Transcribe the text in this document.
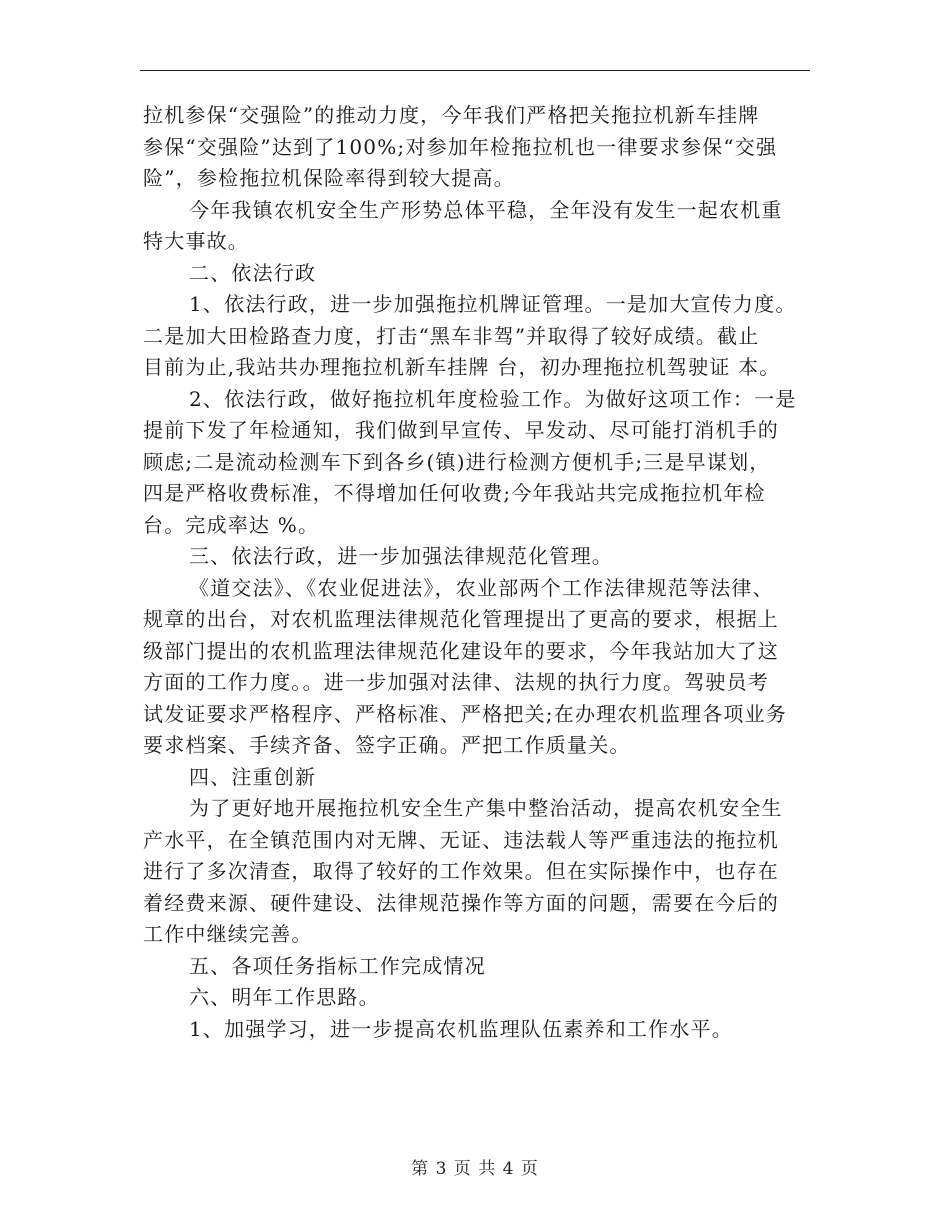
拉机参保“交强险”的推动力度，今年我们严格把关拖拉机新车挂牌
参保“交强险”达到了100%;对参加年检拖拉机也一律要求参保“交强
险”，参检拖拉机保险率得到较大提高。
今年我镇农机安全生产形势总体平稳，全年没有发生一起农机重
特大事故。
二、依法行政
1、依法行政，进一步加强拖拉机牌证管理。一是加大宣传力度。
二是加大田检路查力度，打击“黑车非驾”并取得了较好成绩。截止
目前为止,我站共办理拖拉机新车挂牌 台，初办理拖拉机驾驶证 本。
2、依法行政，做好拖拉机年度检验工作。为做好这项工作：一是
提前下发了年检通知，我们做到早宣传、早发动、尽可能打消机手的
顾虑;二是流动检测车下到各乡(镇)进行检测方便机手;三是早谋划，
四是严格收费标准，不得增加任何收费;今年我站共完成拖拉机年检
台。完成率达 %。
三、依法行政，进一步加强法律规范化管理。
《道交法》、《农业促进法》，农业部两个工作法律规范等法律、
规章的出台，对农机监理法律规范化管理提出了更高的要求，根据上
级部门提出的农机监理法律规范化建设年的要求，今年我站加大了这
方面的工作力度。。进一步加强对法律、法规的执行力度。驾驶员考
试发证要求严格程序、严格标准、严格把关;在办理农机监理各项业务
要求档案、手续齐备、签字正确。严把工作质量关。
四、注重创新
为了更好地开展拖拉机安全生产集中整治活动，提高农机安全生
产水平，在全镇范围内对无牌、无证、违法载人等严重违法的拖拉机
进行了多次清查，取得了较好的工作效果。但在实际操作中，也存在
着经费来源、硬件建设、法律规范操作等方面的问题，需要在今后的
工作中继续完善。
五、各项任务指标工作完成情况
六、明年工作思路。
1、加强学习，进一步提高农机监理队伍素养和工作水平。
第 3 页 共 4 页
